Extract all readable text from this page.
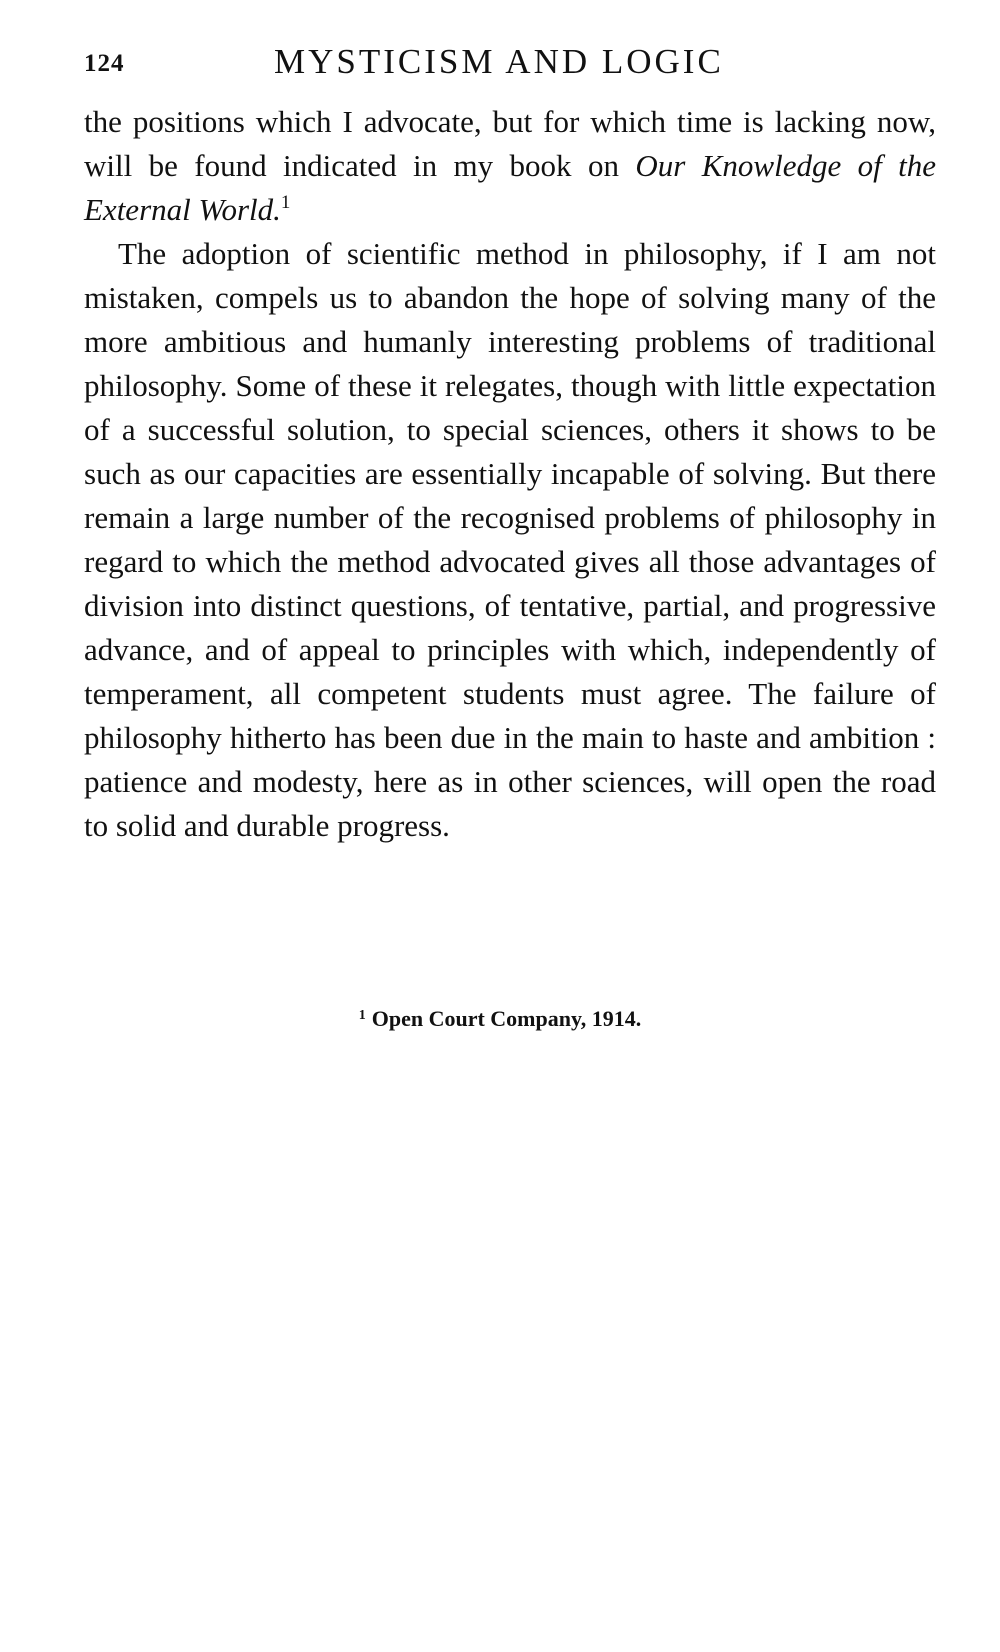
124	MYSTICISM AND LOGIC

the positions which I advocate, but for which time is lacking now, will be found indicated in my book on Our Knowledge of the External World.$^1$

The adoption of scientific method in philosophy, if I am not mistaken, compels us to abandon the hope of solving many of the more ambitious and humanly interesting problems of traditional philosophy. Some of these it relegates, though with little expectation of a successful solution, to special sciences, others it shows to be such as our capacities are essentially incapable of solving. But there remain a large number of the recognised problems of philosophy in regard to which the method advocated gives all those advantages of division into distinct questions, of tentative, partial, and progressive advance, and of appeal to principles with which, independently of temperament, all competent students must agree. The failure of philosophy hitherto has been due in the main to haste and ambition : patience and modesty, here as in other sciences, will open the road to solid and durable progress.

$^1$ Open Court Company, 1914.
